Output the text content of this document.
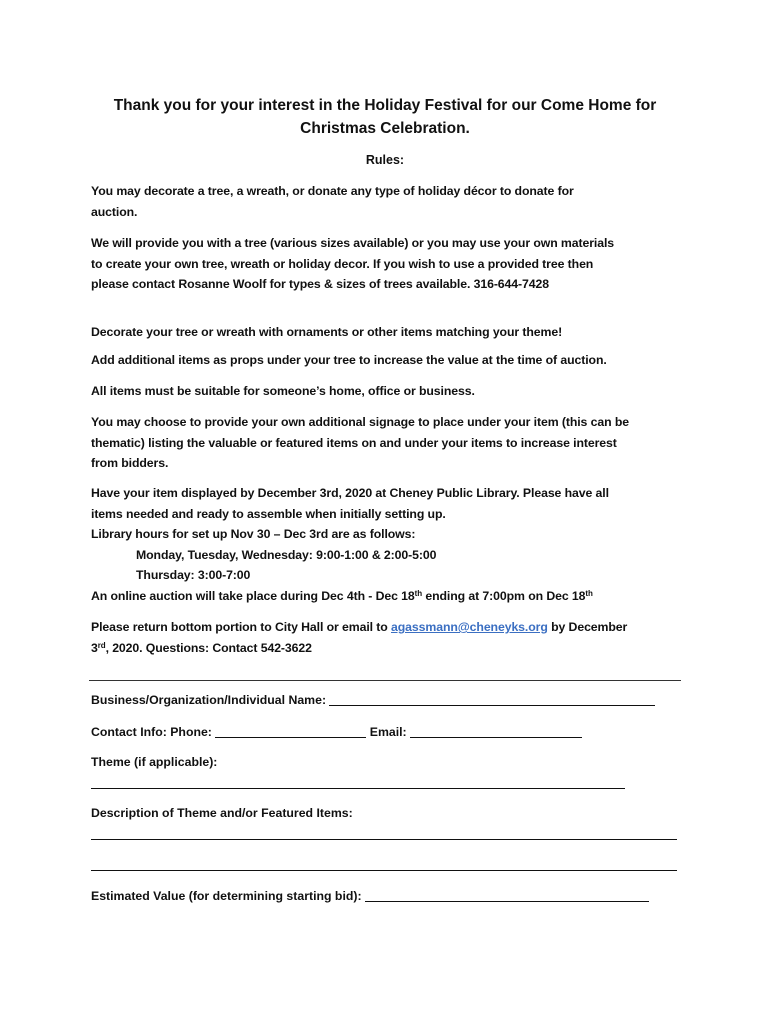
Thank you for your interest in the Holiday Festival for our Come Home for
Christmas Celebration.
Rules:
You may decorate a tree, a wreath, or donate any type of holiday décor to donate for
auction.
We will provide you with a tree (various sizes available) or you may use your own materials
to create your own tree, wreath or holiday decor. If you wish to use a provided tree then
please contact Rosanne Woolf for types & sizes of trees available. 316-644-7428
Decorate your tree or wreath with ornaments or other items matching your theme!
Add additional items as props under your tree to increase the value at the time of auction.
All items must be suitable for someone’s home, office or business.
You may choose to provide your own additional signage to place under your item (this can be
thematic) listing the valuable or featured items on and under your items to increase interest
from bidders.
Have your item displayed by December 3rd, 2020 at Cheney Public Library. Please have all
items needed and ready to assemble when initially setting up.
Library hours for set up Nov 30 – Dec 3rd are as follows:
Monday, Tuesday, Wednesday: 9:00-1:00 & 2:00-5:00
Thursday: 3:00-7:00
An online auction will take place during Dec 4th - Dec 18th ending at 7:00pm on Dec 18th
Please return bottom portion to City Hall or email to agassmann@cheneyks.org by December
3rd, 2020. Questions: Contact 542-3622
Business/Organization/Individual Name:
Contact Info: Phone:	Email:
Theme (if applicable):
Description of Theme and/or Featured Items:
Estimated Value (for determining starting bid):
